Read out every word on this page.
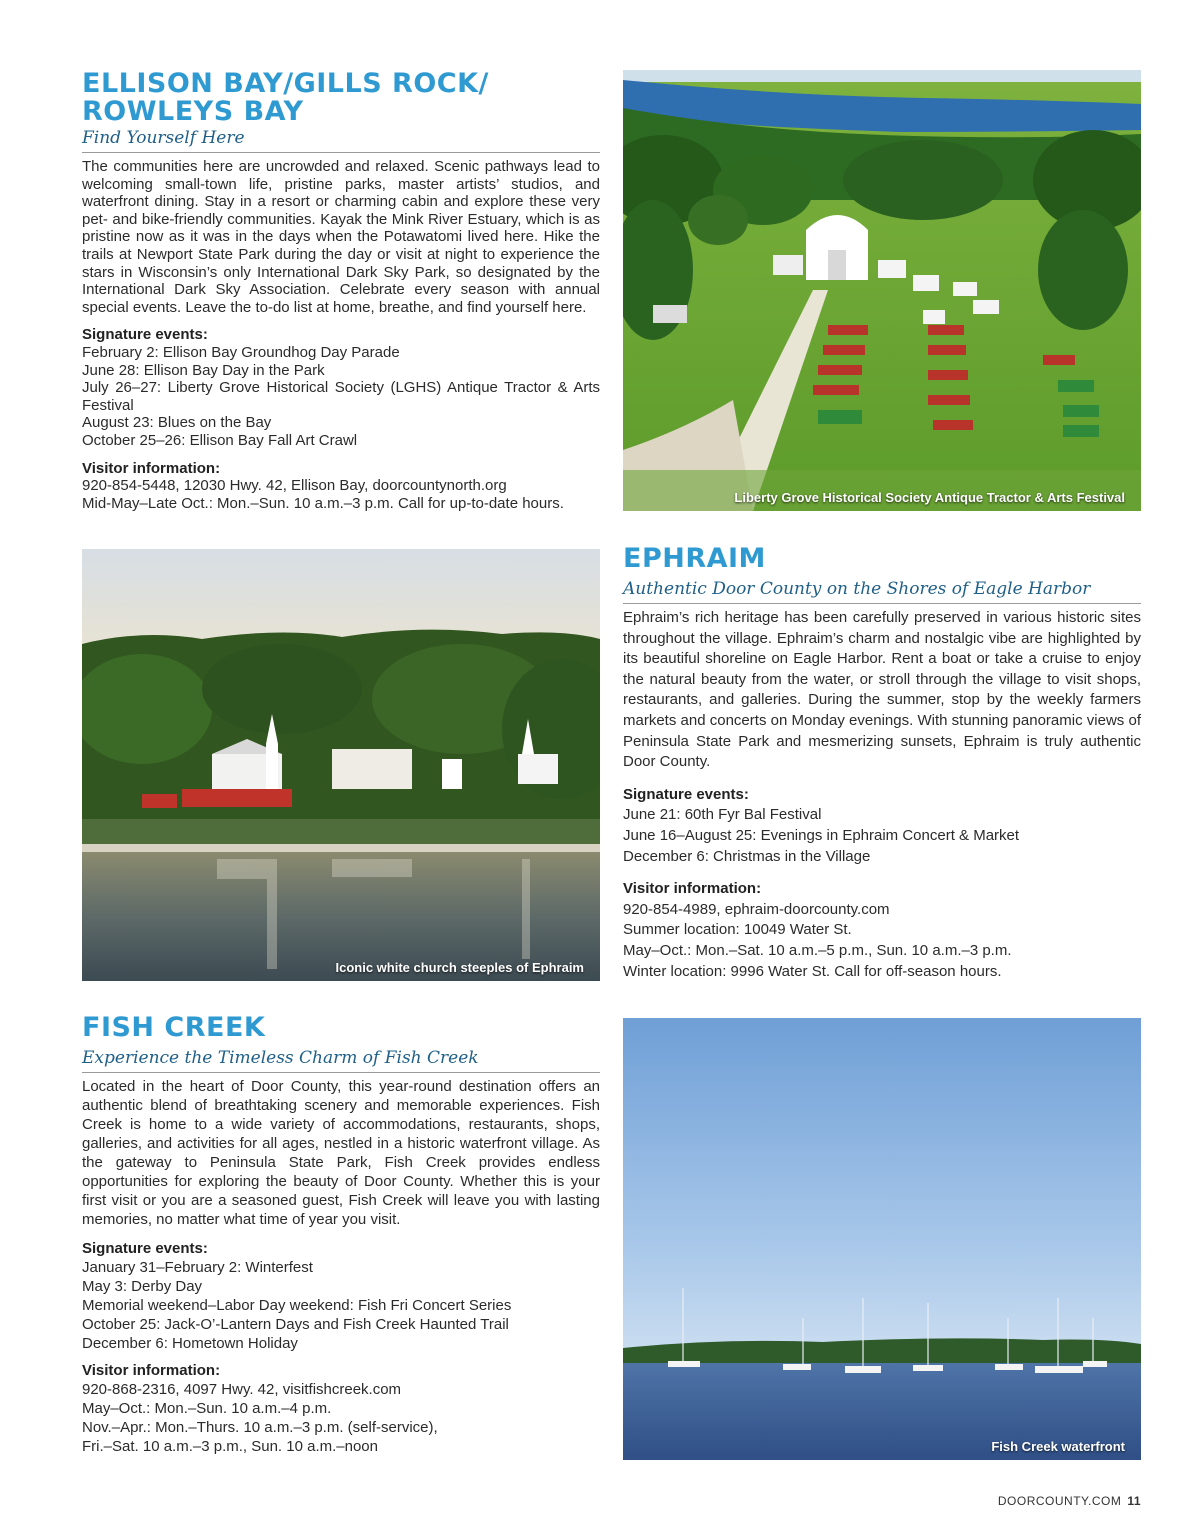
ELLISON BAY/GILLS ROCK/
ROWLEYS BAY
Find Yourself Here

The communities here are uncrowded and relaxed. Scenic pathways lead to welcoming small-town life, pristine parks, master artists’ studios, and waterfront dining. Stay in a resort or charming cabin and explore these very pet- and bike-friendly communities. Kayak the Mink River Estuary, which is as pristine now as it was in the days when the Potawatomi lived here. Hike the trails at Newport State Park during the day or visit at night to experience the stars in Wisconsin’s only International Dark Sky Park, so designated by the International Dark Sky Association. Celebrate every season with annual special events. Leave the to-do list at home, breathe, and find yourself here.

Signature events:
February 2: Ellison Bay Groundhog Day Parade
June 28: Ellison Bay Day in the Park
July 26–27: Liberty Grove Historical Society (LGHS) Antique Tractor & Arts Festival
August 23: Blues on the Bay
October 25–26: Ellison Bay Fall Art Crawl
Visitor information:
920-854-5448, 12030 Hwy. 42, Ellison Bay, doorcountynorth.org
Mid-May–Late Oct.: Mon.–Sun. 10 a.m.–3 p.m. Call for up-to-date hours.	Liberty Grove Historical Society Antique Tractor & Arts Festival
Iconic white church steeples of Ephraim
EPHRAIM
Authentic Door County on the Shores of Eagle Harbor

Ephraim’s rich heritage has been carefully preserved in various historic sites throughout the village. Ephraim’s charm and nostalgic vibe are highlighted by its beautiful shoreline on Eagle Harbor. Rent a boat or take a cruise to enjoy the natural beauty from the water, or stroll through the village to visit shops, restaurants, and galleries. During the summer, stop by the weekly farmers markets and concerts on Monday evenings. With stunning panoramic views of Peninsula State Park and mesmerizing sunsets, Ephraim is truly authentic Door County.

Signature events:
June 21: 60th Fyr Bal Festival
June 16–August 25: Evenings in Ephraim Concert & Market
December 6: Christmas in the Village
Visitor information:
920-854-4989, ephraim-doorcounty.com
Summer location: 10049 Water St.
May–Oct.: Mon.–Sat. 10 a.m.–5 p.m., Sun. 10 a.m.–3 p.m.
Winter location: 9996 Water St. Call for off-season hours.
FISH CREEK
Experience the Timeless Charm of Fish Creek

Located in the heart of Door County, this year-round destination offers an authentic blend of breathtaking scenery and memorable experiences. Fish Creek is home to a wide variety of accommodations, restaurants, shops, galleries, and activities for all ages, nestled in a historic waterfront village. As the gateway to Peninsula State Park, Fish Creek provides endless opportunities for exploring the beauty of Door County. Whether this is your first visit or you are a seasoned guest, Fish Creek will leave you with lasting memories, no matter what time of year you visit.

Signature events:
January 31–February 2: Winterfest
May 3: Derby Day
Memorial weekend–Labor Day weekend: Fish Fri Concert Series
October 25: Jack-O’-Lantern Days and Fish Creek Haunted Trail
December 6: Hometown Holiday
Visitor information:
920-868-2316, 4097 Hwy. 42, visitfishcreek.com
May–Oct.: Mon.–Sun. 10 a.m.–4 p.m.
Nov.–Apr.: Mon.–Thurs. 10 a.m.–3 p.m. (self-service),
Fri.–Sat. 10 a.m.–3 p.m., Sun. 10 a.m.–noon	Fish Creek waterfront
DOORCOUNTY.COM 11
